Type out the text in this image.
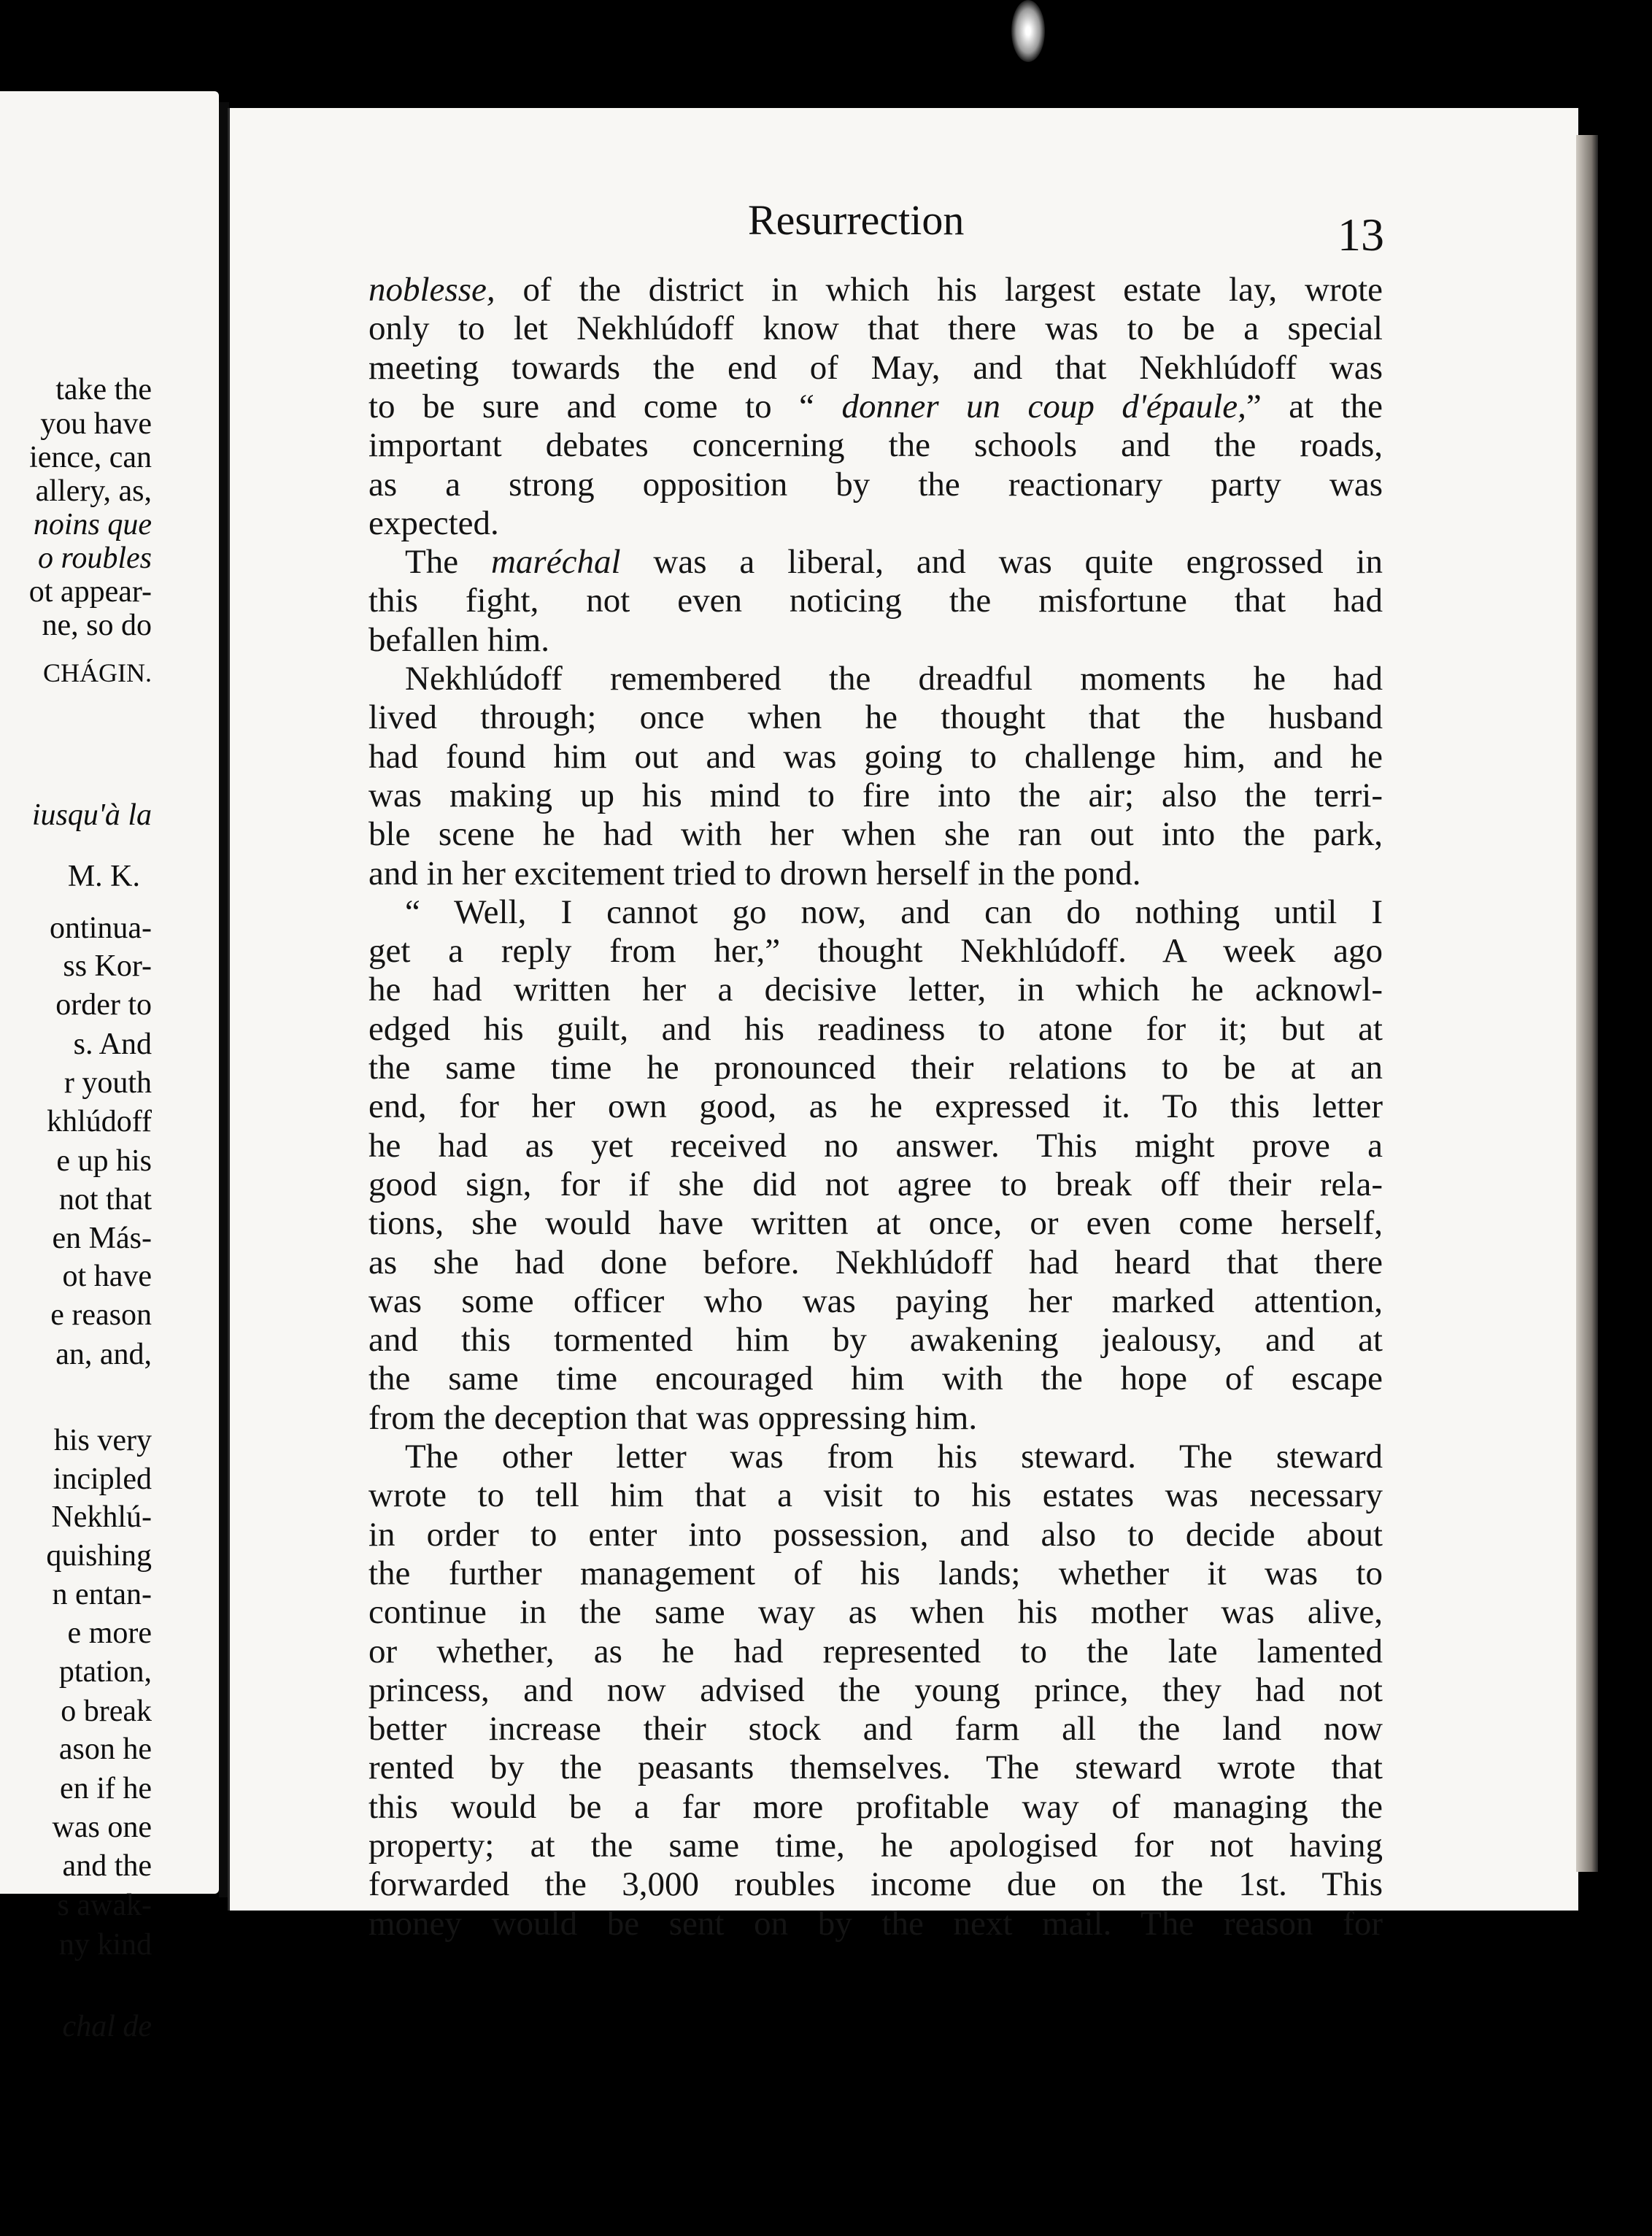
take the
you have
ience, can
allery, as,
noins que
o roubles
ot appear-
ne, so do
CHÁGIN.
iusqu'à la
M. K.
ontinua-
ss Kor-
order to
s. And
r youth
khlúdoff
e up his
not that
en Más-
ot have
e reason
an, and,
his very
incipled
Nekhlú-
quishing
n entan-
e more
ptation,
o break
ason he
en if he
was one
and the
s awak-
ny kind
chal de
Resurrection	13
noblesse, of the district in which his largest estate lay, wrote
only to let Nekhlúdoff know that there was to be a special
meeting towards the end of May, and that Nekhlúdoff was
to be sure and come to “ donner un coup d'épaule,” at the
important debates concerning the schools and the roads,
as a strong opposition by the reactionary party was
expected.
The maréchal was a liberal, and was quite engrossed in
this fight, not even noticing the misfortune that had
befallen him.
Nekhlúdoff remembered the dreadful moments he had
lived through; once when he thought that the husband
had found him out and was going to challenge him, and he
was making up his mind to fire into the air; also the terri-
ble scene he had with her when she ran out into the park,
and in her excitement tried to drown herself in the pond.
“ Well, I cannot go now, and can do nothing until I
get a reply from her,” thought Nekhlúdoff. A week ago
he had written her a decisive letter, in which he acknowl-
edged his guilt, and his readiness to atone for it; but at
the same time he pronounced their relations to be at an
end, for her own good, as he expressed it. To this letter
he had as yet received no answer. This might prove a
good sign, for if she did not agree to break off their rela-
tions, she would have written at once, or even come herself,
as she had done before. Nekhlúdoff had heard that there
was some officer who was paying her marked attention,
and this tormented him by awakening jealousy, and at
the same time encouraged him with the hope of escape
from the deception that was oppressing him.
The other letter was from his steward. The steward
wrote to tell him that a visit to his estates was necessary
in order to enter into possession, and also to decide about
the further management of his lands; whether it was to
continue in the same way as when his mother was alive,
or whether, as he had represented to the late lamented
princess, and now advised the young prince, they had not
better increase their stock and farm all the land now
rented by the peasants themselves. The steward wrote that
this would be a far more profitable way of managing the
property; at the same time, he apologised for not having
forwarded the 3,000 roubles income due on the 1st. This
money would be sent on by the next mail. The reason for
